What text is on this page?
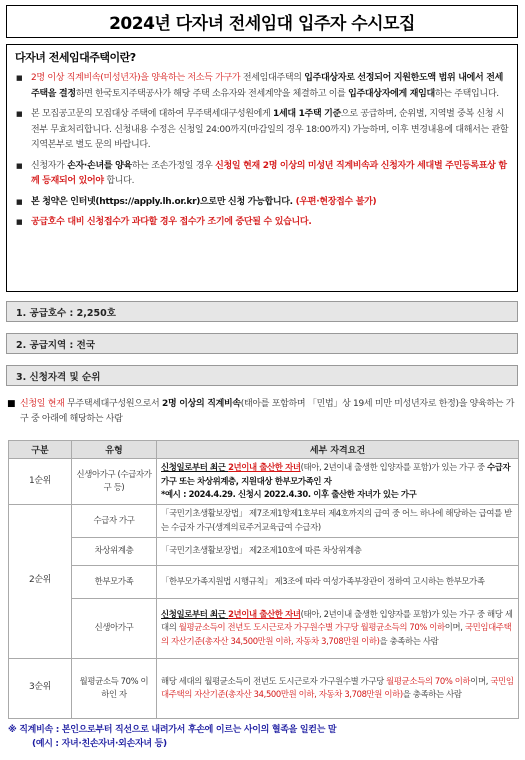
2024년 다자녀 전세임대 입주자 수시모집
다자녀 전세임대주택이란?
■ 2명 이상 직계비속(미성년자)을 양육하는 저소득 가구가 전세임대주택의 입주대상자로 선정되어 지원한도액 범위 내에서 전세 주택을 결정하면 한국토지주택공사가 해당 주택 소유자와 전세계약을 체결하고 이를 입주대상자에게 재임대하는 주택입니다.
■ 본 모집공고문의 모집대상 주택에 대하여 무주택세대구성원에게 1세대 1주택 기준으로 공급하며, 순위별, 지역별 중복 신청 시 전부 무효처리합니다. 신청내용 수정은 신청일 24:00까지(마감일의 경우 18:00까지) 가능하며, 이후 변경내용에 대해서는 관할 지역본부로 별도 문의 바랍니다.
■ 신청자가 손자·손녀를 양육하는 조손가정일 경우 신청일 현재 2명 이상의 미성년 직계비속과 신청자가 세대별 주민등록표상 함께 등재되어 있어야 합니다.
■ 본 청약은 인터넷(https://apply.lh.or.kr)으로만 신청 가능합니다. (우편·현장접수 불가)
■ 공급호수 대비 신청접수가 과다할 경우 접수가 조기에 중단될 수 있습니다.
1. 공급호수 : 2,250호
2. 공급지역 : 전국
3. 신청자격 및 순위
■ 신청일 현재 무주택세대구성원으로서 2명 이상의 직계비속(태아를 포함하며 「민법」상 19세 미만 미성년자로 한정)을 양육하는 가구 중 아래에 해당하는 사람
구분	유형	세부 자격요건
1순위	신생아가구 (수급자가구 등)	신청일로부터 최근 2년이내 출산한 자녀(태아, 2년이내 출생한 입양자를 포함)가 있는 가구 중 수급자가구 또는 차상위계층, 지원대상 한부모가족인 자
*예시 : 2024.4.29. 신청시 2022.4.30. 이후 출산한 자녀가 있는 가구
2순위	수급자 가구	「국민기초생활보장법」 제7조제1항제1호부터 제4호까지의 급여 중 어느 하나에 해당하는 급여를 받는 수급자 가구(생계의료주거교육급여 수급자)
	차상위계층	「국민기초생활보장법」 제2조제10호에 따른 차상위계층
	한부모가족	「한부모가족지원법 시행규칙」 제3조에 따라 여성가족부장관이 정하여 고시하는 한부모가족
	신생아가구	신청일로부터 최근 2년이내 출산한 자녀(태아, 2년이내 출생한 입양자를 포함)가 있는 가구 중 해당 세대의 월평균소득이 전년도 도시근로자 가구원수별 가구당 월평균소득의 70% 이하이며, 국민임대주택의 자산기준(총자산 34,500만원 이하, 자동차 3,708만원 이하)을 충족하는 사람
3순위	월평균소득 70% 이하인 자	해당 세대의 월평균소득이 전년도 도시근로자 가구원수별 가구당 월평균소득의 70% 이하이며, 국민임대주택의 자산기준(총자산 34,500만원 이하, 자동차 3,708만원 이하)을 충족하는 사람
※ 직계비속 : 본인으로부터 직선으로 내려가서 후손에 이르는 사이의 혈족을 일컫는 말
(예시 : 자녀·친손자녀·외손자녀 등)
